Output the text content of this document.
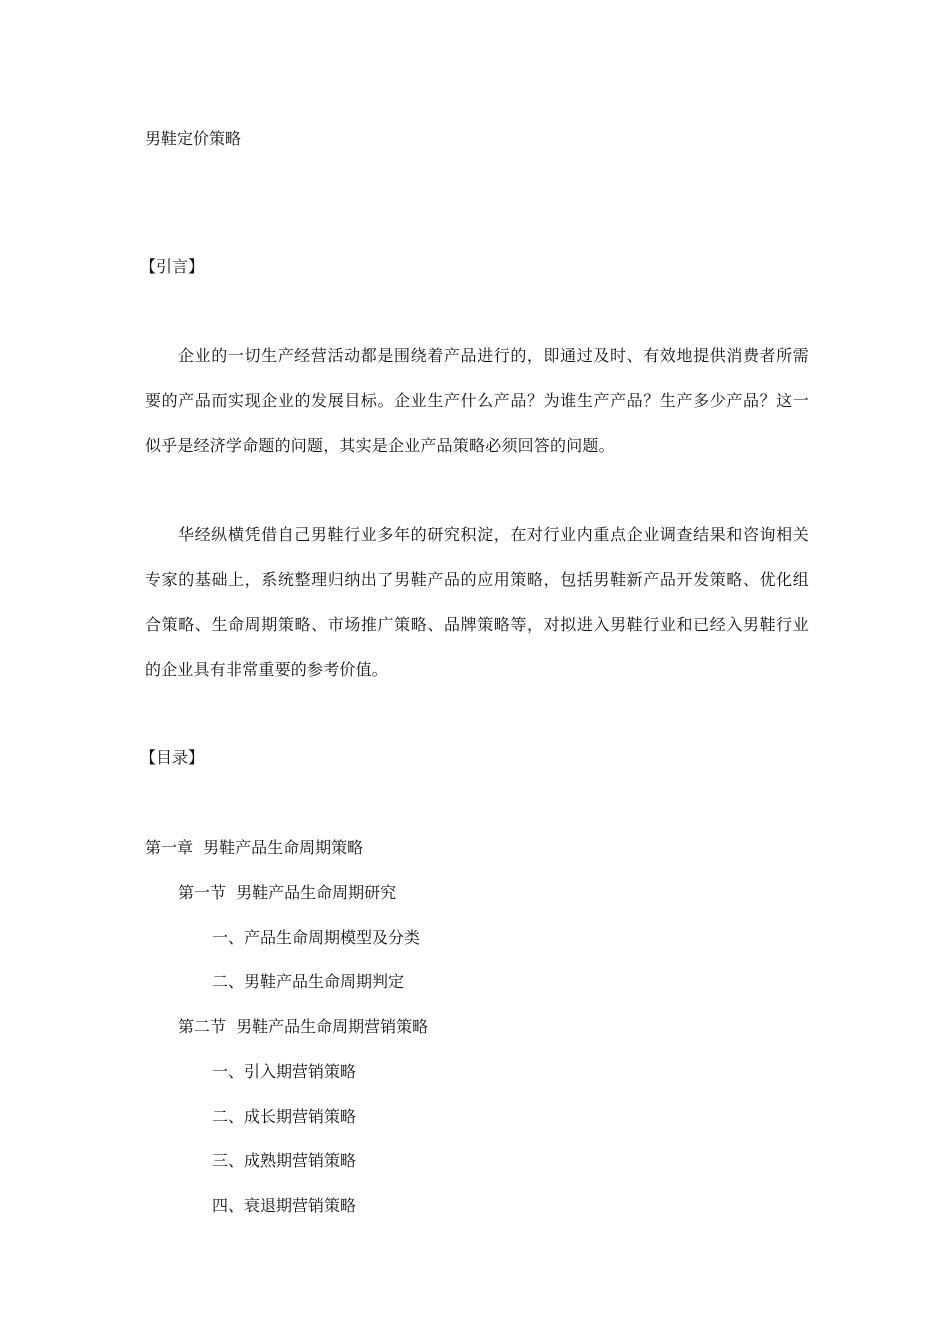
男鞋定价策略
【引言】
企业的一切生产经营活动都是围绕着产品进行的，即通过及时、有效地提供消费者所需要的产品而实现企业的发展目标。企业生产什么产品？为谁生产产品？生产多少产品？这一似乎是经济学命题的问题，其实是企业产品策略必须回答的问题。
华经纵横凭借自己男鞋行业多年的研究积淀，在对行业内重点企业调查结果和咨询相关专家的基础上，系统整理归纳出了男鞋产品的应用策略，包括男鞋新产品开发策略、优化组合策略、生命周期策略、市场推广策略、品牌策略等，对拟进入男鞋行业和已经入男鞋行业的企业具有非常重要的参考价值。
【目录】
第一章  男鞋产品生命周期策略
第一节  男鞋产品生命周期研究
一、产品生命周期模型及分类
二、男鞋产品生命周期判定
第二节  男鞋产品生命周期营销策略
一、引入期营销策略
二、成长期营销策略
三、成熟期营销策略
四、衰退期营销策略
